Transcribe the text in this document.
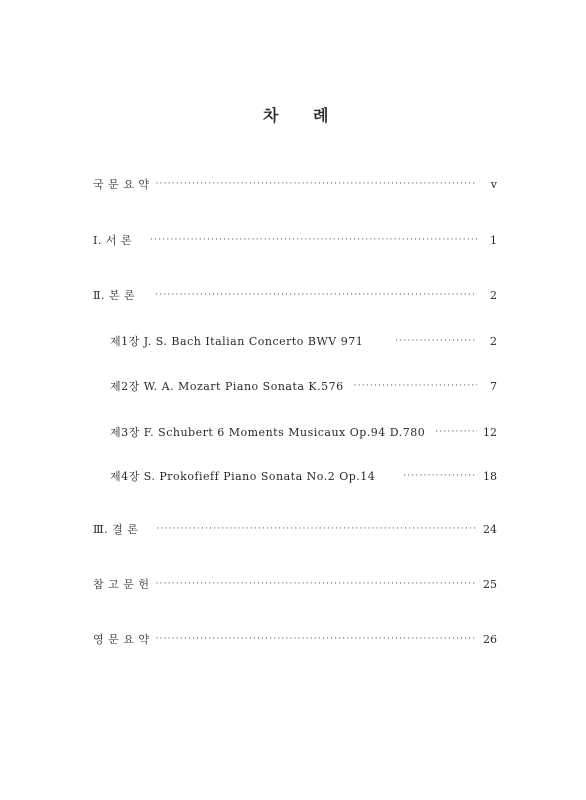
차 례
국 문 요 약 ·····	v
Ⅰ. 서 론 ·····	1
Ⅱ. 본 론 ·····	2
제1장 J. S. Bach Italian Concerto BWV 971 ·····	2
제2장 W. A. Mozart Piano Sonata K.576 ·····	7
제3장 F. Schubert 6 Moments Musicaux Op.94 D.780 ·····	12
제4장 S. Prokofieff Piano Sonata No.2 Op.14 ·····	18
Ⅲ. 결 론 ·····	24
참 고 문 헌 ·····	25
영 문 요 약 ·····	26
